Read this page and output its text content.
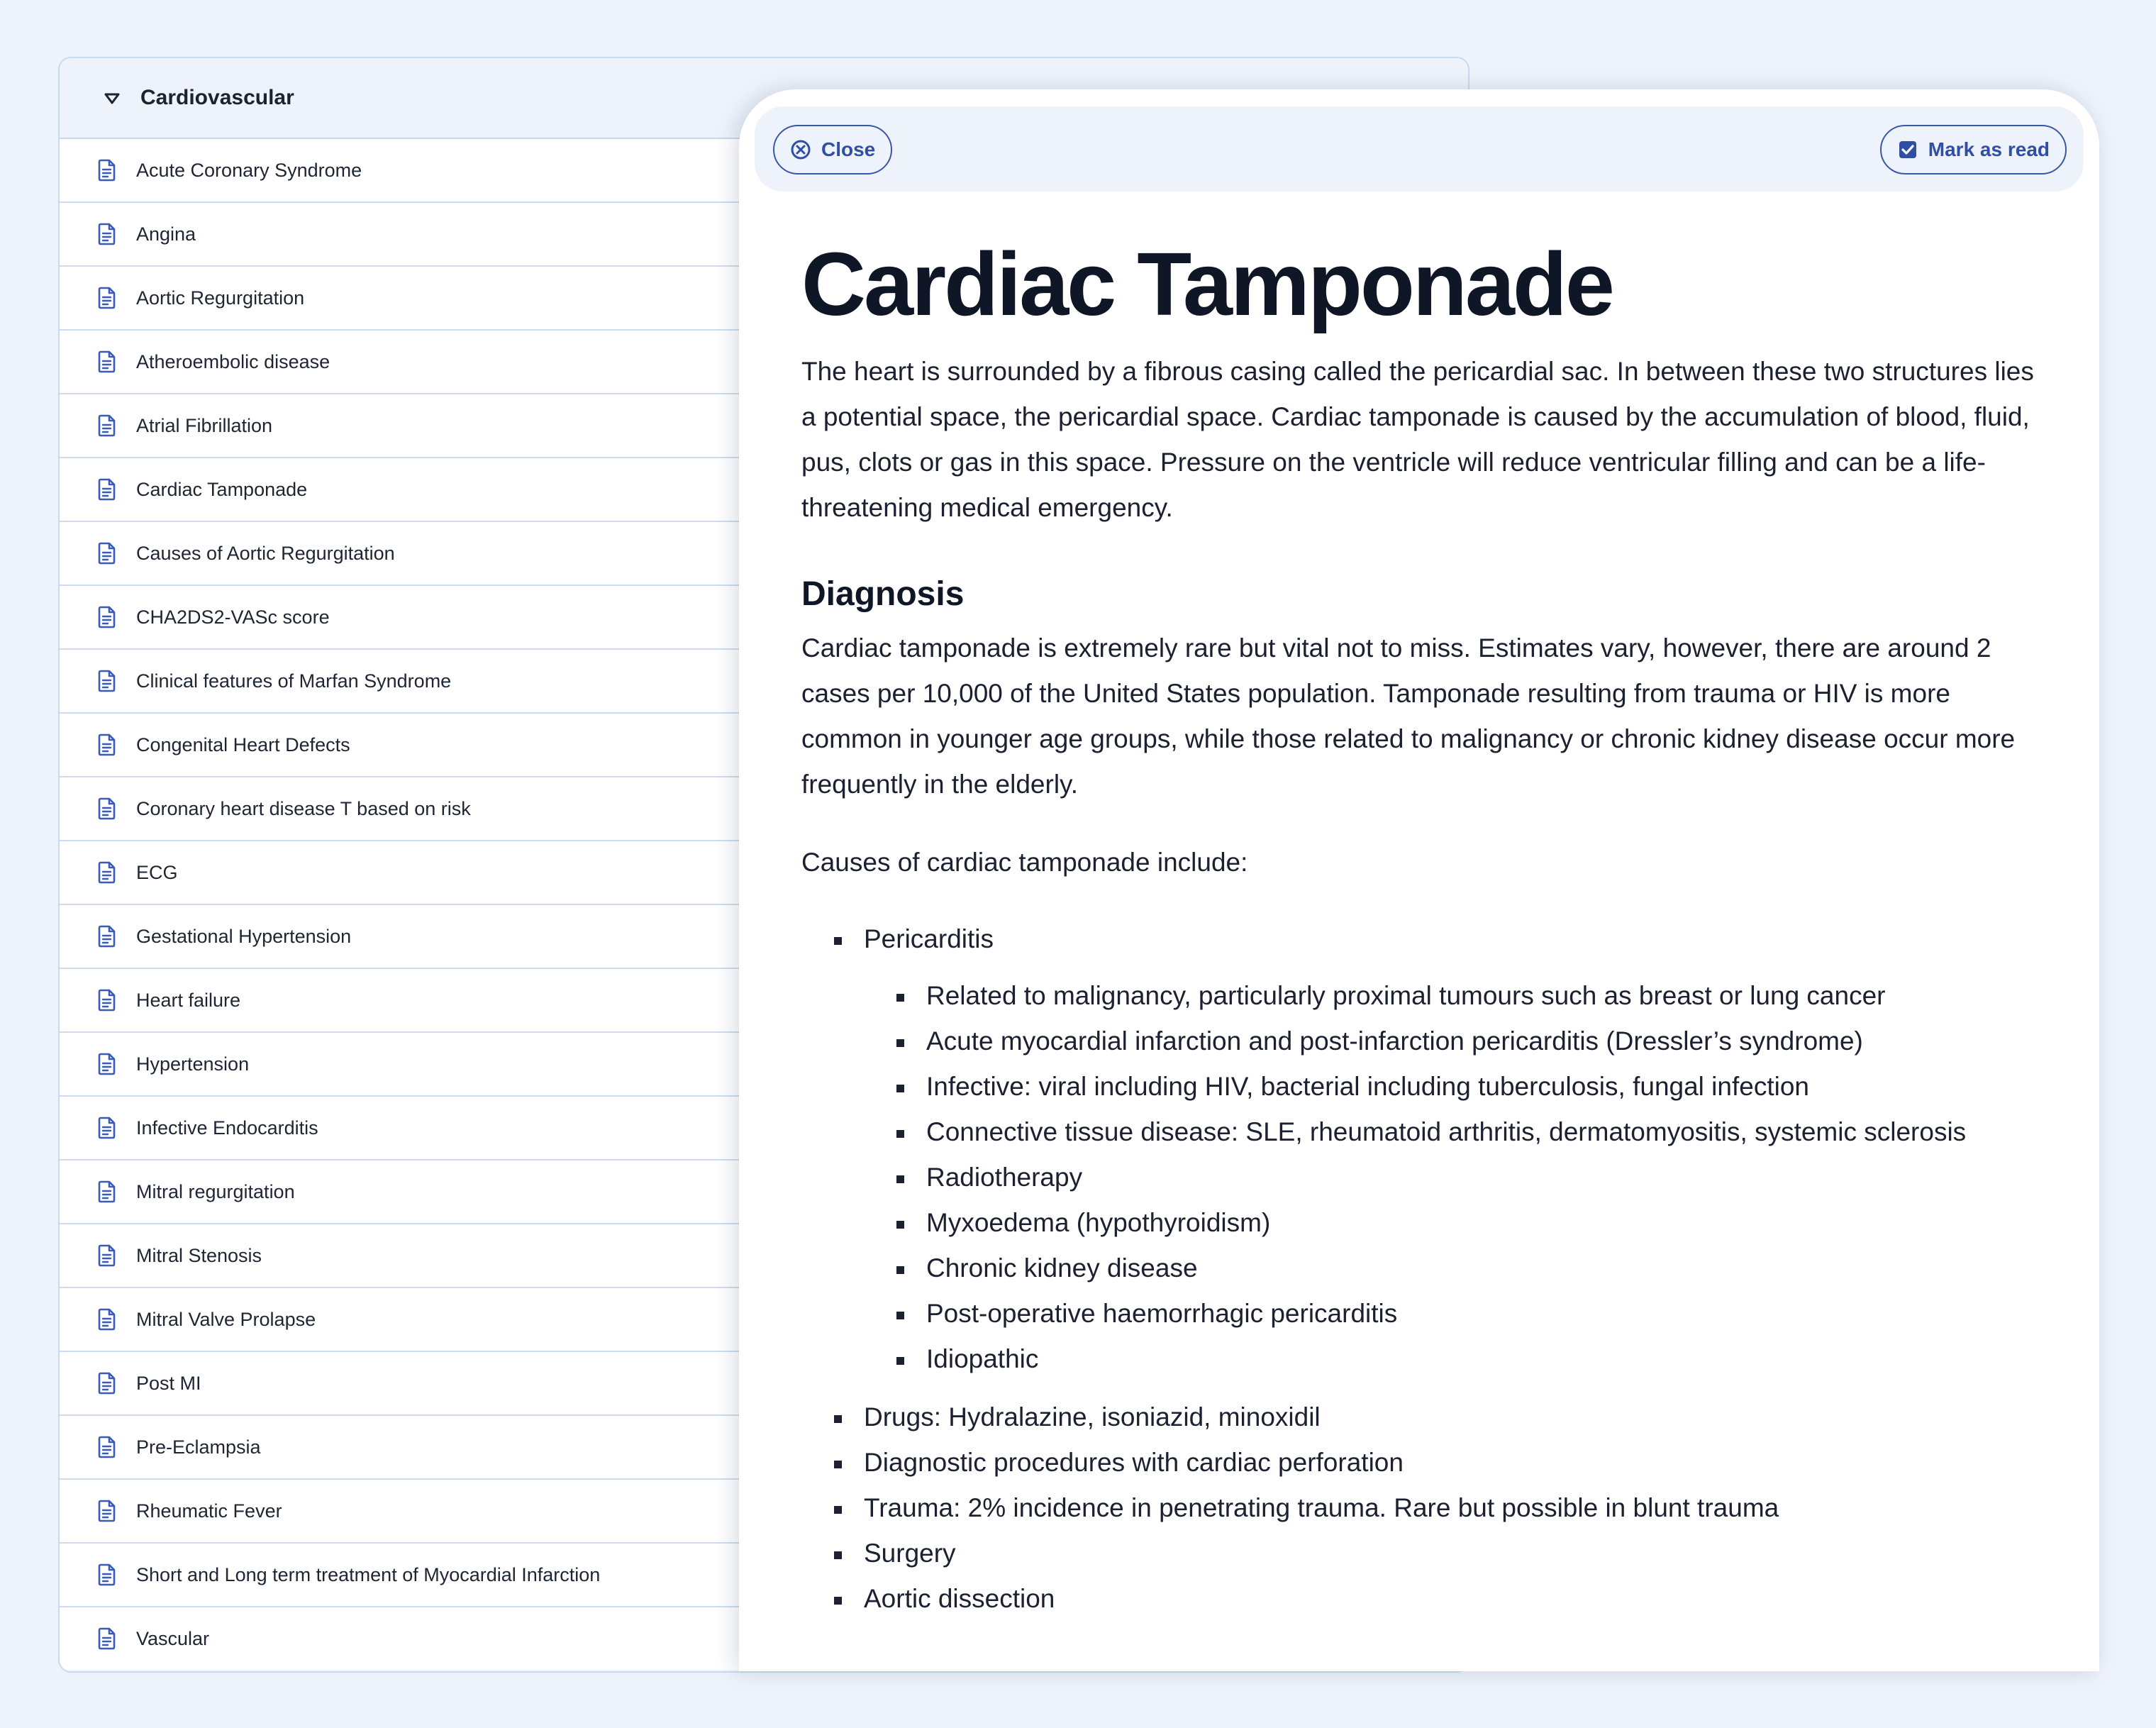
Cardiovascular
Acute Coronary Syndrome
Angina
Aortic Regurgitation
Atheroembolic disease
Atrial Fibrillation
Cardiac Tamponade
Causes of Aortic Regurgitation
CHA2DS2-VASc score
Clinical features of Marfan Syndrome
Congenital Heart Defects
Coronary heart disease T based on risk
ECG
Gestational Hypertension
Heart failure
Hypertension
Infective Endocarditis
Mitral regurgitation
Mitral Stenosis
Mitral Valve Prolapse
Post MI
Pre-Eclampsia
Rheumatic Fever
Short and Long term treatment of Myocardial Infarction
Vascular
Close	Mark as read
Cardiac Tamponade

The heart is surrounded by a fibrous casing called the pericardial sac. In between these two structures lies a potential space, the pericardial space. Cardiac tamponade is caused by the accumulation of blood, fluid, pus, clots or gas in this space. Pressure on the ventricle will reduce ventricular filling and can be a life-threatening medical emergency.

Diagnosis

Cardiac tamponade is extremely rare but vital not to miss. Estimates vary, however, there are around 2 cases per 10,000 of the United States population. Tamponade resulting from trauma or HIV is more common in younger age groups, while those related to malignancy or chronic kidney disease occur more frequently in the elderly.

Causes of cardiac tamponade include:

Pericarditis
Related to malignancy, particularly proximal tumours such as breast or lung cancer
Acute myocardial infarction and post-infarction pericarditis (Dressler’s syndrome)
Infective: viral including HIV, bacterial including tuberculosis, fungal infection
Connective tissue disease: SLE, rheumatoid arthritis, dermatomyositis, systemic sclerosis
Radiotherapy
Myxoedema (hypothyroidism)
Chronic kidney disease
Post-operative haemorrhagic pericarditis
Idiopathic
Drugs: Hydralazine, isoniazid, minoxidil
Diagnostic procedures with cardiac perforation
Trauma: 2% incidence in penetrating trauma. Rare but possible in blunt trauma
Surgery
Aortic dissection
